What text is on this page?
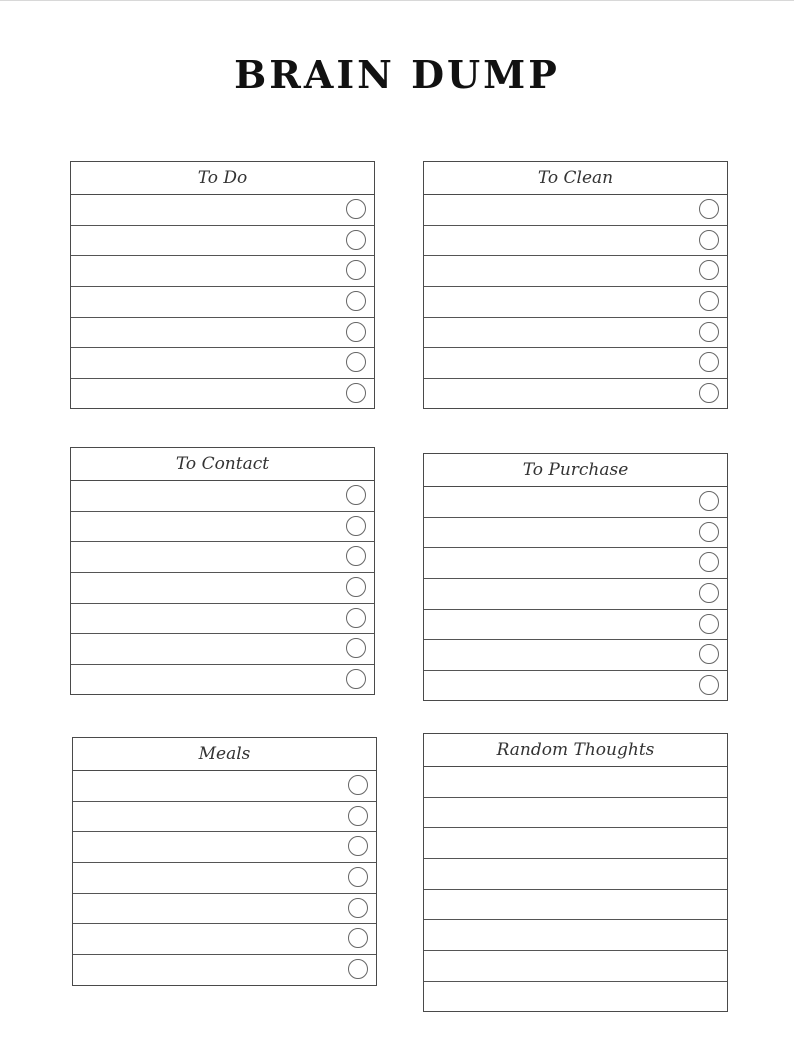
BRAIN DUMP
To Do	To Clean
To Contact	To Purchase
Meals	Random Thoughts
